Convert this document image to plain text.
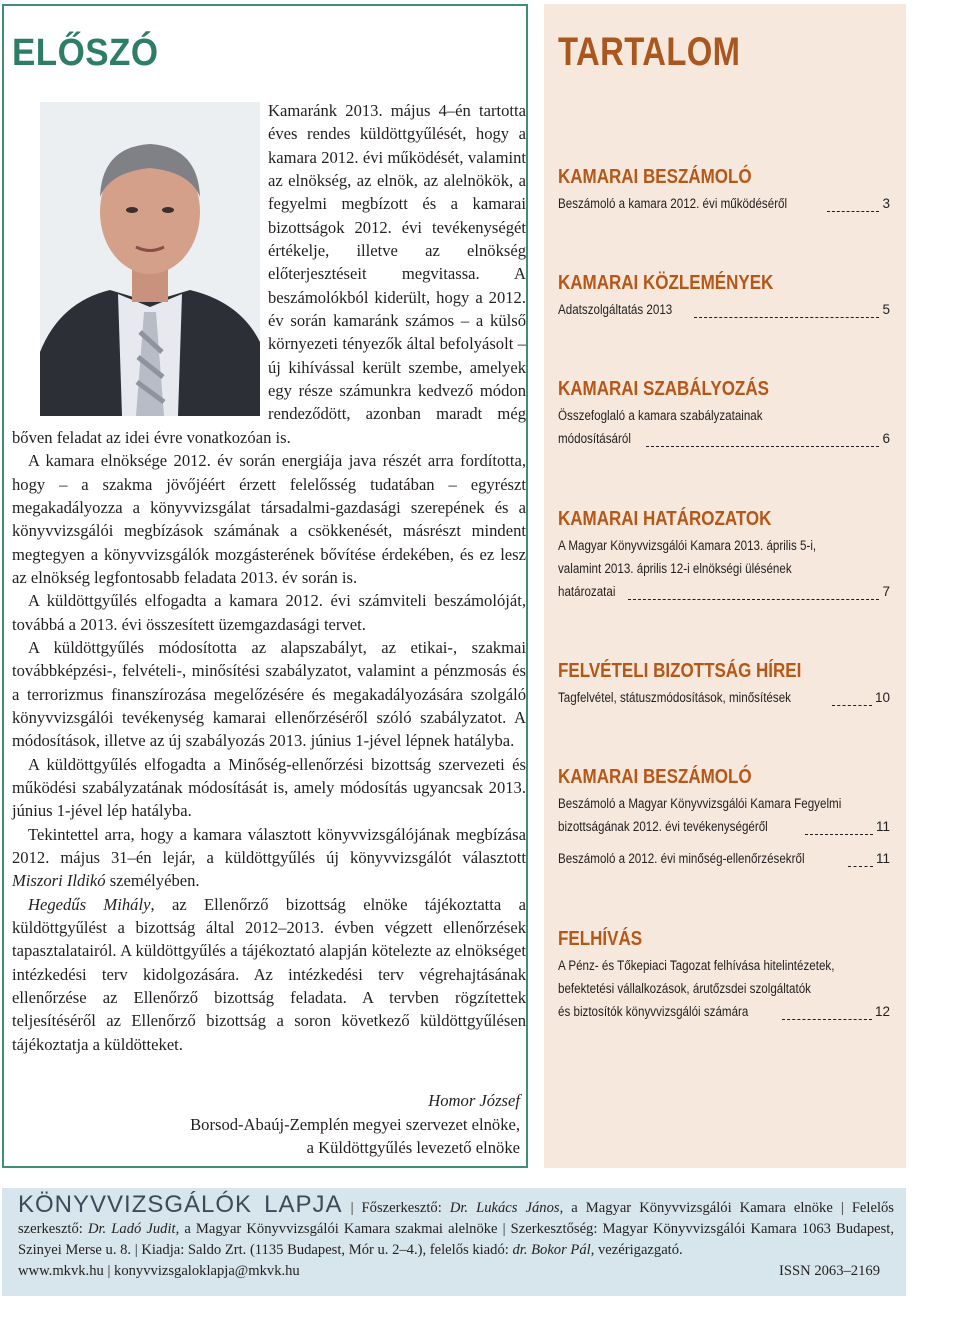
ELŐSZÓ

Kamaránk 2013. május 4–én tartotta éves rendes küldöttgyűlését, hogy a kamara 2012. évi működését, valamint az elnökség, az elnök, az alelnökök, a fegyelmi megbízott és a kamarai bizottságok 2012. évi tevékenységét értékelje, illetve az elnökség előterjesztéseit megvitassa. A beszámolókból kiderült, hogy a 2012. év során kamaránk számos – a külső környezeti tényezők által befolyásolt – új kihívással került szembe, amelyek egy része számunkra kedvező módon rendeződött, azonban maradt még bőven feladat az idei évre vonatkozóan is.

A kamara elnöksége 2012. év során energiája java részét arra fordította, hogy – a szakma jövőjéért érzett felelősség tudatában – egyrészt megakadályozza a könyvvizsgálat társadalmi-gazdasági szerepének és a könyvvizsgálói megbízások számának a csökkenését, másrészt mindent megtegyen a könyvvizsgálók mozgásterének bővítése érdekében, és ez lesz az elnökség legfontosabb feladata 2013. év során is.

A küldöttgyűlés elfogadta a kamara 2012. évi számviteli beszámolóját, továbbá a 2013. évi összesített üzemgazdasági tervet.

A küldöttgyűlés módosította az alapszabályt, az etikai-, szakmai továbbképzési-, felvételi-, minősítési szabályzatot, valamint a pénzmosás és a terrorizmus finanszírozása megelőzésére és megakadályozására szolgáló könyvvizsgálói tevékenység kamarai ellenőrzéséről szóló szabályzatot. A módosítások, illetve az új szabályozás 2013. június 1-jével lépnek hatályba.

A küldöttgyűlés elfogadta a Minőség-ellenőrzési bizottság szervezeti és működési szabályzatának módosítását is, amely módosítás ugyancsak 2013. június 1-jével lép hatályba.

Tekintettel arra, hogy a kamara választott könyvvizsgálójának megbízása 2012. május 31–én lejár, a küldöttgyűlés új könyvvizsgálót választott Miszori Ildikó személyében.

Hegedűs Mihály, az Ellenőrző bizottság elnöke tájékoztatta a küldöttgyűlést a bizottság által 2012–2013. évben végzett ellenőrzések tapasztalatairól. A küldöttgyűlés a tájékoztató alapján kötelezte az elnökséget intézkedési terv kidolgozására. Az intézkedési terv végrehajtásának ellenőrzése az Ellenőrző bizottság feladata. A tervben rögzítettek teljesítéséről az Ellenőrző bizottság a soron következő küldöttgyűlésen tájékoztatja a küldötteket.

Homor József
Borsod-Abaúj-Zemplén megyei szervezet elnöke,
a Küldöttgyűlés levezető elnöke
TARTALOM
KAMARAI BESZÁMOLÓ
Beszámoló a kamara 2012. évi működéséről	3
KAMARAI KÖZLEMÉNYEK
Adatszolgáltatás 2013	5
KAMARAI SZABÁLYOZÁS
Összefoglaló a kamara szabályzatainak
módosításáról	6
KAMARAI HATÁROZATOK
A Magyar Könyvvizsgálói Kamara 2013. április 5-i,
valamint 2013. április 12-i elnökségi ülésének
határozatai	7
FELVÉTELI BIZOTTSÁG HÍREI
Tagfelvétel, státuszmódosítások, minősítések	10
KAMARAI BESZÁMOLÓ
Beszámoló a Magyar Könyvvizsgálói Kamara Fegyelmi
bizottságának 2012. évi tevékenységéről	11
Beszámoló a 2012. évi minőség-ellenőrzésekről	11
FELHÍVÁS
A Pénz- és Tőkepiaci Tagozat felhívása hitelintézetek,
befektetési vállalkozások, árutőzsdei szolgáltatók
és biztosítók könyvvizsgálói számára	12
KÖNYVVIZSGÁLÓK LAPJA | Főszerkesztő: Dr. Lukács János, a Magyar Könyvvizsgálói Kamara elnöke | Felelős szerkesztő: Dr. Ladó Judit, a Magyar Könyvvizsgálói Kamara szakmai alelnöke | Szerkesztőség: Magyar Könyvvizsgálói Kamara 1063 Budapest, Szinyei Merse u. 8. | Kiadja: Saldo Zrt. (1135 Budapest, Mór u. 2–4.), felelős kiadó: dr. Bokor Pál, vezérigazgató.
www.mkvk.hu | konyvvizsgaloklapja@mkvk.hu	ISSN 2063–2169
